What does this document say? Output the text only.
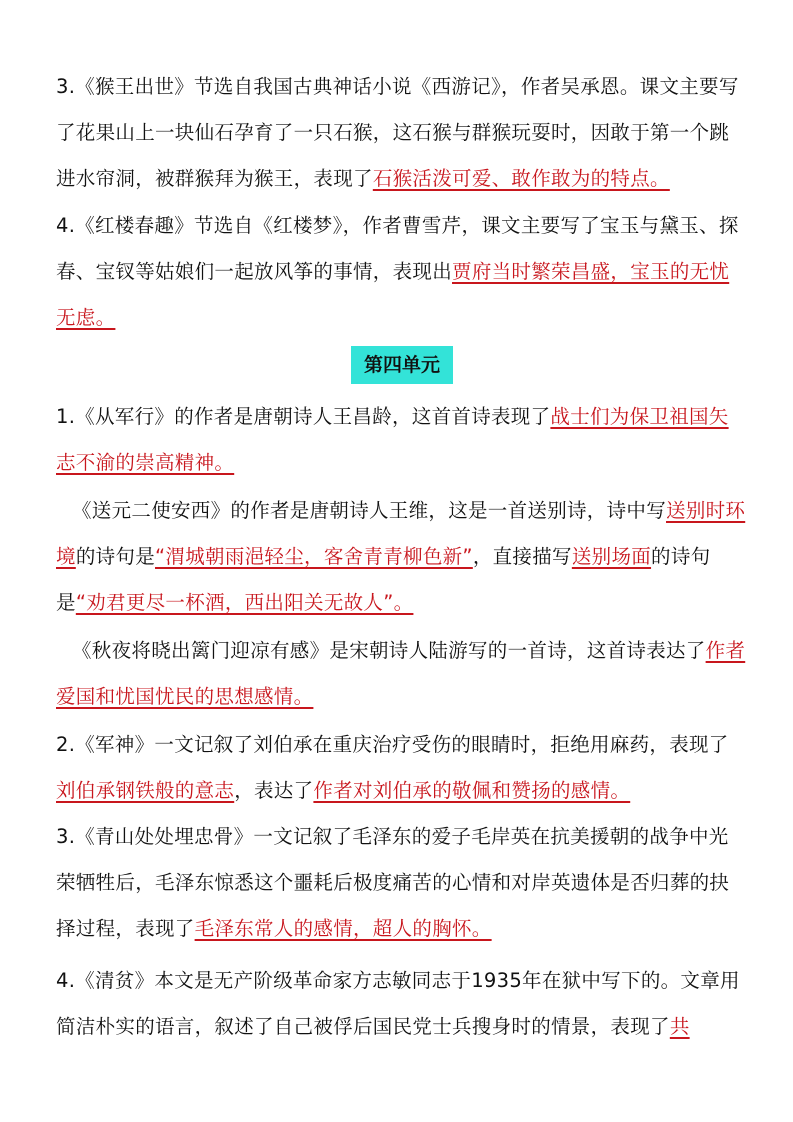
3.《猴王出世》节选自我国古典神话小说《西游记》，作者吴承恩。课文主要写了花果山上一块仙石孕育了一只石猴，这石猴与群猴玩耍时，因敢于第一个跳进水帘洞，被群猴拜为猴王，表现了石猴活泼可爱、敢作敢为的特点。
4.《红楼春趣》节选自《红楼梦》，作者曹雪芹，课文主要写了宝玉与黛玉、探春、宝钗等姑娘们一起放风筝的事情，表现出贾府当时繁荣昌盛，宝玉的无忧无虑。
第四单元
1.《从军行》的作者是唐朝诗人王昌龄，这首首诗表现了战士们为保卫祖国矢志不渝的崇高精神。
《送元二使安西》的作者是唐朝诗人王维，这是一首送别诗，诗中写送别时环境的诗句是“渭城朝雨浥轻尘，客舍青青柳色新”，直接描写送别场面的诗句是“劝君更尽一杯酒，西出阳关无故人”。
《秋夜将晓出篱门迎凉有感》是宋朝诗人陆游写的一首诗，这首诗表达了作者爱国和忧国忧民的思想感情。
2.《军神》一文记叙了刘伯承在重庆治疗受伤的眼睛时，拒绝用麻药，表现了刘伯承钢铁般的意志，表达了作者对刘伯承的敬佩和赞扬的感情。
3.《青山处处埋忠骨》一文记叙了毛泽东的爱子毛岸英在抗美援朝的战争中光荣牺牲后，毛泽东惊悉这个噩耗后极度痛苦的心情和对岸英遗体是否归葬的抉择过程，表现了毛泽东常人的感情，超人的胸怀。
4.《清贫》本文是无产阶级革命家方志敏同志于1935年在狱中写下的。文章用简洁朴实的语言，叙述了自己被俘后国民党士兵搜身时的情景，表现了共
